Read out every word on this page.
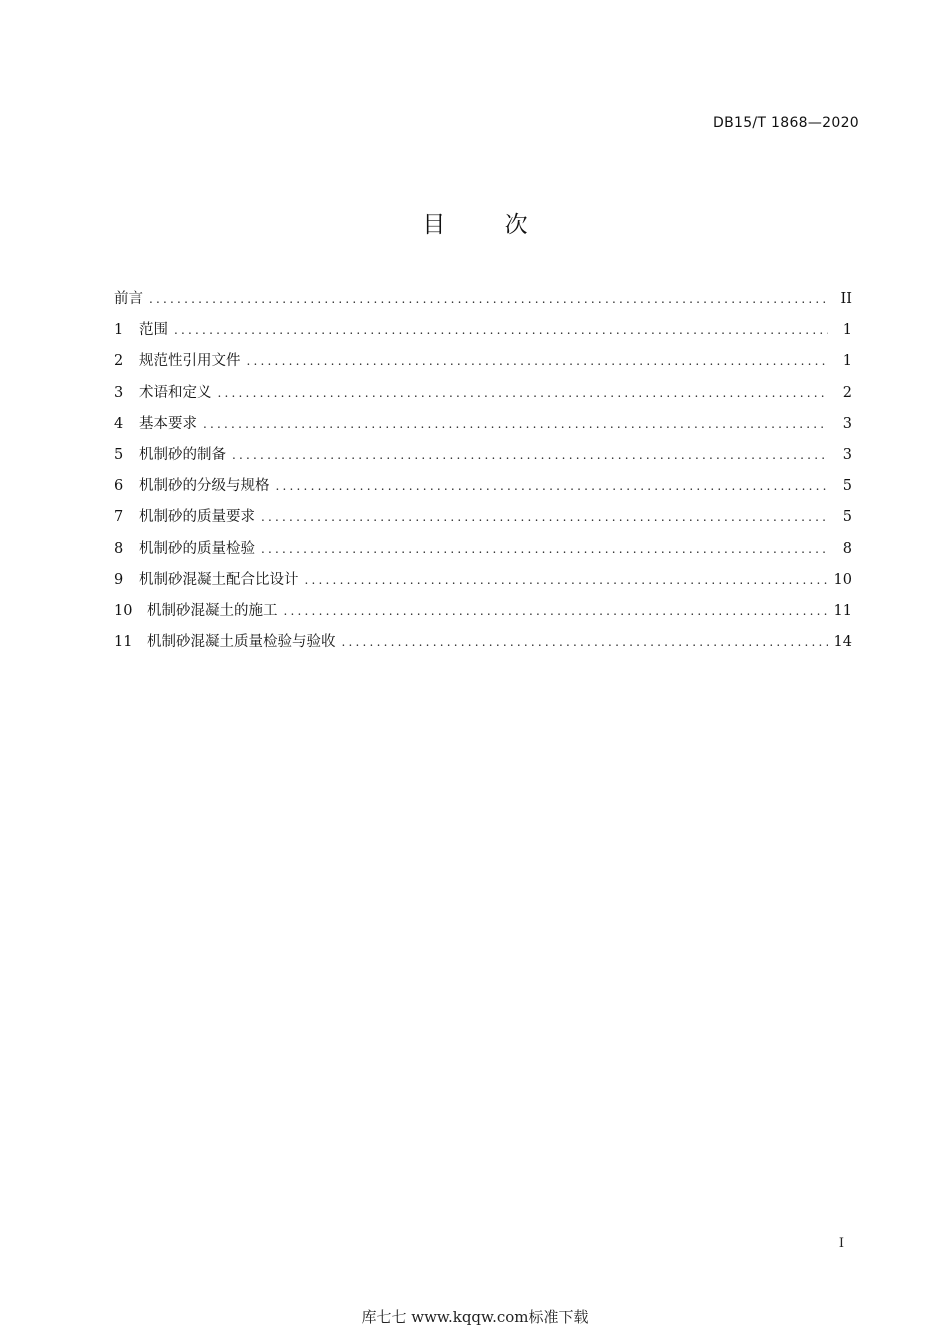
DB15/T 1868—2020
目	次
前言 .....	II
1	范围 .....	1
2	规范性引用文件 .....	1
3	术语和定义 .....	2
4	基本要求 .....	3
5	机制砂的制备 .....	3
6	机制砂的分级与规格 .....	5
7	机制砂的质量要求 .....	5
8	机制砂的质量检验 .....	8
9	机制砂混凝土配合比设计 .....	10
10	机制砂混凝土的施工 .....	11
11	机制砂混凝土质量检验与验收 .....	14
I
库七七 www.kqqw.com标准下载
